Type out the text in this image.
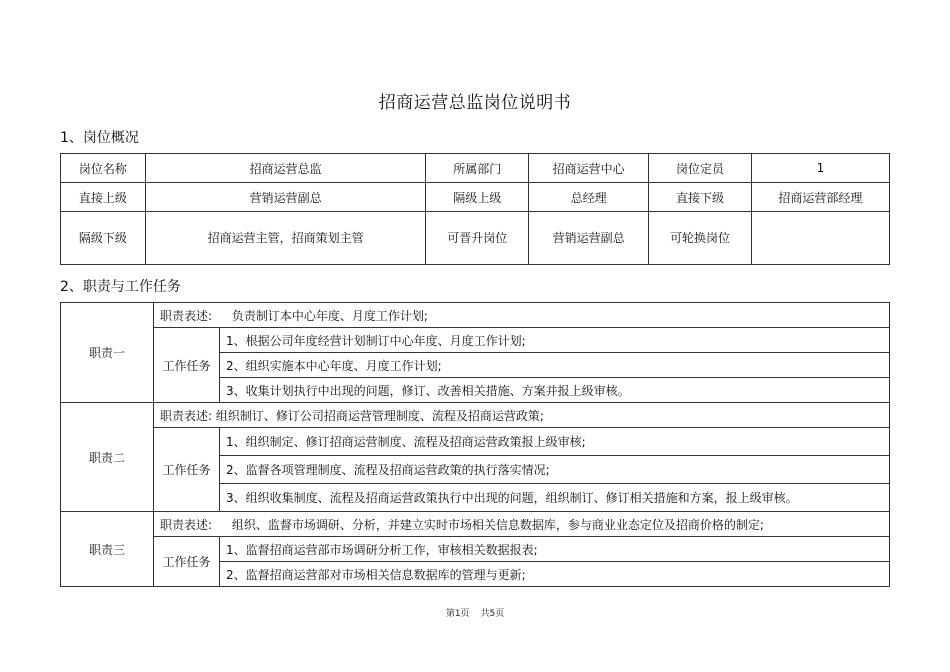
招商运营总监岗位说明书
1、岗位概况
岗位名称	招商运营总监	所属部门	招商运营中心	岗位定员	1
直接上级	营销运营副总	隔级上级	总经理	直接下级	招商运营部经理
隔级下级	招商运营主管，招商策划主管	可晋升岗位	营销运营副总	可轮换岗位	
2、职责与工作任务
职责一	职责表述: 负责制订本中心年度、月度工作计划;	
	工作任务	1、根据公司年度经营计划制订中心年度、月度工作计划;
		2、组织实施本中心年度、月度工作计划;
		3、收集计划执行中出现的问题，修订、改善相关措施、方案并报上级审核。
职责二	职责表述: 组织制订、修订公司招商运营管理制度、流程及招商运营政策;	
	工作任务	1、组织制定、修订招商运营制度、流程及招商运营政策报上级审核;
		2、监督各项管理制度、流程及招商运营政策的执行落实情况;
		3、组织收集制度、流程及招商运营政策执行中出现的问题，组织制订、修订相关措施和方案，报上级审核。
职责三	职责表述: 组织、监督市场调研、分析，并建立实时市场相关信息数据库，参与商业业态定位及招商价格的制定;	
	工作任务	1、监督招商运营部市场调研分析工作，审核相关数据报表;
		2、监督招商运营部对市场相关信息数据库的管理与更新;
第1页 共5页
